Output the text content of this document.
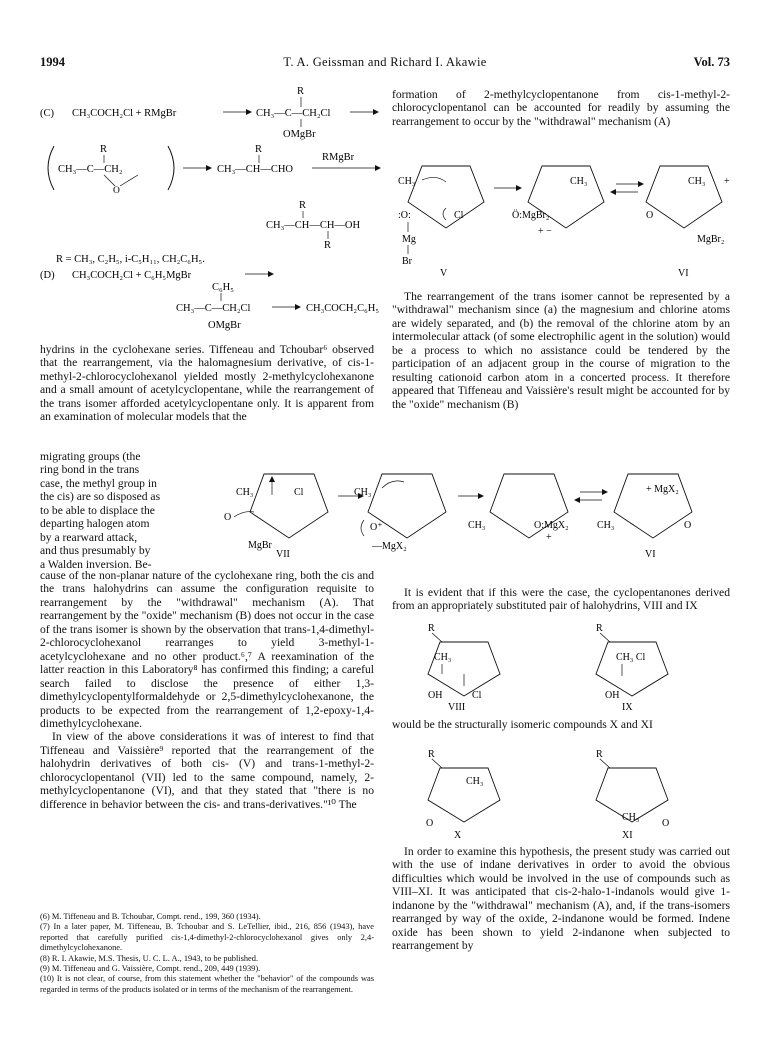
1994	T. A. Geissman and Richard I. Akawie	Vol. 73
(C) CH₃COCH₂Cl + RMgBr
R
CH₃—C—CH₂Cl
OMgBr
R
CH₃—C—CH₂
O
R
CH₃—CH—CHO
RMgBr
R
CH₃—CH—CH—OH
R
R = CH₃, C₂H₅, i-C₅H₁₁, CH₂C₆H₅.
(D) CH₃COCH₂Cl + C₆H₅MgBr
C₆H₅
CH₃—C—CH₂Cl	CH₃COCH₂C₆H₅
OMgBr

hydrins in the cyclohexane series. Tiffeneau and Tchoubar⁶ observed that the rearrangement, via the halomagnesium derivative, of cis-1-methyl-2-chlorocyclohexanol yielded mostly 2-methylcyclohexanone and a small amount of acetylcyclopentane, while the rearrangement of the trans isomer afforded acetylcyclopentane only. It is apparent from an examination of molecular models that the

migrating groups (the
ring bond in the trans
case, the methyl group in
the cis) are so disposed as
to be able to displace the
departing halogen atom
by a rearward attack,
and thus presumably by
a Walden inversion. Be-
CH₃	Cl
O
MgBr
VII
CH₃
O⁺
—MgX₂
CH₃	O:MgX₂
+
CH₃	O
+ MgX₂
VI

cause of the non-planar nature of the cyclohexane ring, both the cis and the trans halohydrins can assume the configuration requisite to rearrangement by the "withdrawal" mechanism (A). That rearrangement by the "oxide" mechanism (B) does not occur in the case of the trans isomer is shown by the observation that trans-1,4-dimethyl-2-chlorocyclohexanol rearranges to yield 3-methyl-1-acetylcyclohexane and no other product.⁶,⁷ A reexamination of the latter reaction in this Laboratory⁸ has confirmed this finding; a careful search failed to disclose the presence of either 1,3-dimethylcyclopentylformaldehyde or 2,5-dimethylcyclohexanone, the products to be expected from the rearrangement of 1,2-epoxy-1,4-dimethylcyclohexane.

In view of the above considerations it was of interest to find that Tiffeneau and Vaissière⁹ reported that the rearrangement of the halohydrin derivatives of both cis- (V) and trans-1-methyl-2-chlorocyclopentanol (VII) led to the same compound, namely, 2-methylcyclopentanone (VI), and that they stated that "there is no difference in behavior between the cis- and trans-derivatives."¹⁰ The

(6) M. Tiffeneau and B. Tchoubar, Compt. rend., 199, 360 (1934).
(7) In a later paper, M. Tiffeneau, B. Tchoubar and S. LeTellier, ibid., 216, 856 (1943), have reported that carefully purified cis-1,4-dimethyl-2-chlorocyclohexanol gives only 2,4-dimethylcyclohexanone.
(8) R. I. Akawie, M.S. Thesis, U. C. L. A., 1943, to be published.
(9) M. Tiffeneau and G. Vaissière, Compt. rend., 209, 449 (1939).
(10) It is not clear, of course, from this statement whether the "behavior" of the compounds was regarded in terms of the products isolated or in terms of the mechanism of the rearrangement.

formation of 2-methylcyclopentanone from cis-1-methyl-2-chlorocyclopentanol can be accounted for readily by assuming the rearrangement to occur by the "withdrawal" mechanism (A)

CH₃
:O:	Cl
Mg
Br
V
CH₃
Ö:MgBr₂
+ −
CH₃ +
O
MgBr₂
VI

The rearrangement of the trans isomer cannot be represented by a "withdrawal" mechanism since (a) the magnesium and chlorine atoms are widely separated, and (b) the removal of the chlorine atom by an intermolecular attack (of some electrophilic agent in the solution) would be a process to which no assistance could be tendered by the participation of an adjacent group in the course of migration to the resulting cationoid carbon atom in a concerted process. It therefore appeared that Tiffeneau and Vaissière's result might be accounted for by the "oxide" mechanism (B)

It is evident that if this were the case, the cyclopentanones derived from an appropriately substituted pair of halohydrins, VIII and IX

R
CH₃
OH	Cl
VIII
R
CH₃ Cl
OH
IX

would be the structurally isomeric compounds X and XI

R
CH₃
O
X
R
CH₃
O
XI

In order to examine this hypothesis, the present study was carried out with the use of indane derivatives in order to avoid the obvious difficulties which would be involved in the use of compounds such as VIII–XI. It was anticipated that cis-2-halo-1-indanols would give 1-indanone by the "withdrawal" mechanism (A), and, if the trans-isomers rearranged by way of the oxide, 2-indanone would be formed. Indene oxide has been shown to yield 2-indanone when subjected to rearrangement by
